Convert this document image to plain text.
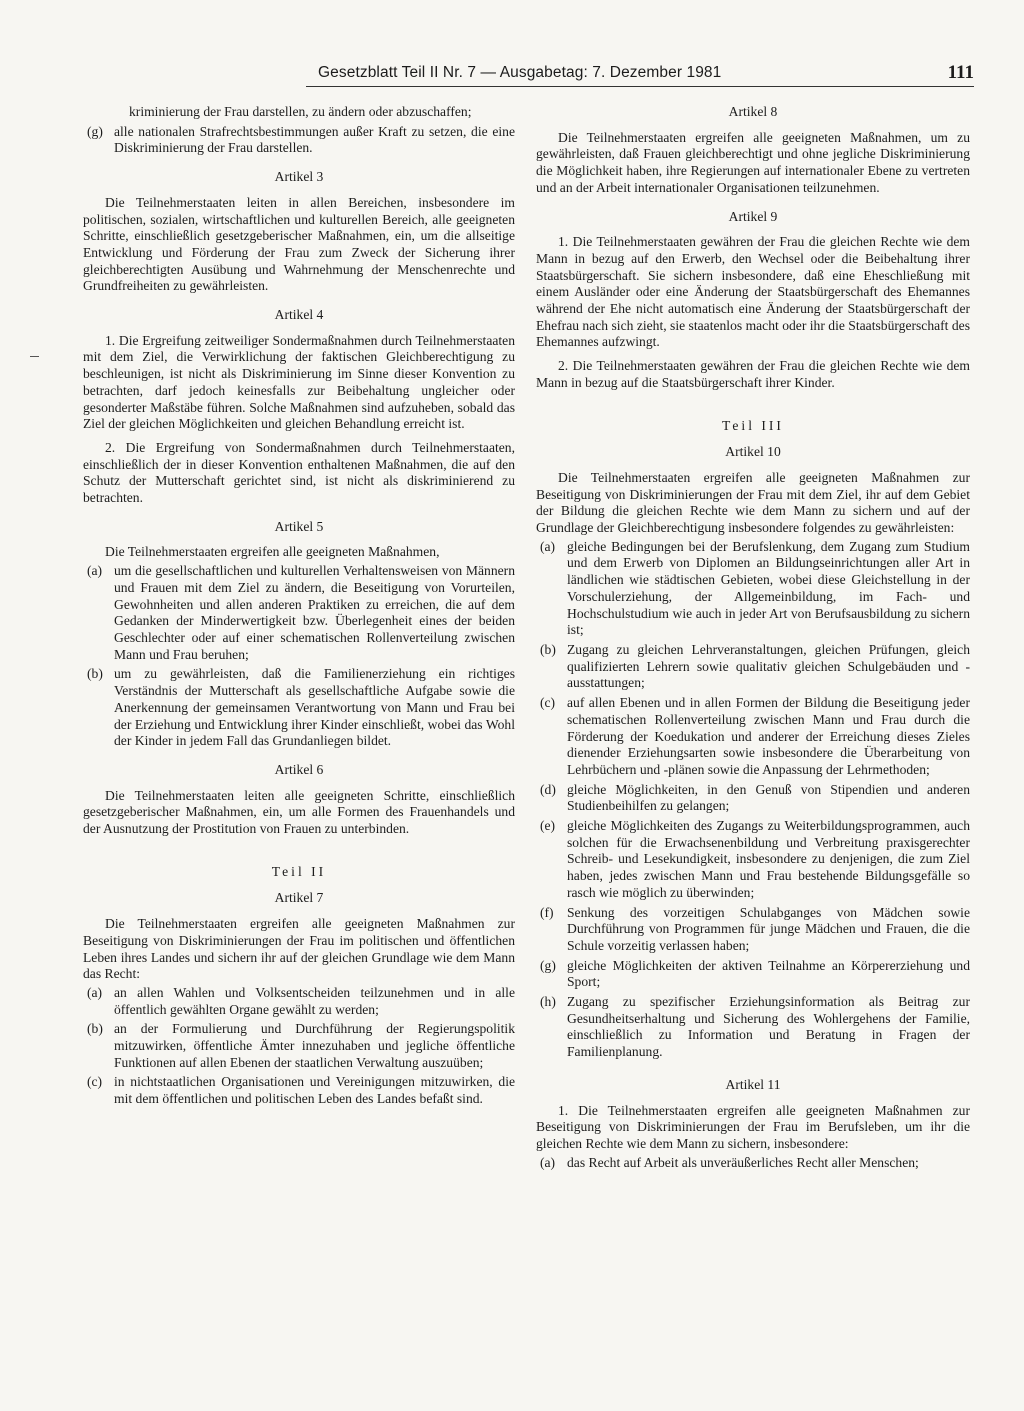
Gesetzblatt Teil II Nr. 7 — Ausgabetag: 7. Dezember 1981	111

kriminierung der Frau darstellen, zu ändern oder abzuschaffen;

(g) alle nationalen Strafrechtsbestimmungen außer Kraft zu setzen, die eine Diskriminierung der Frau darstellen.

Artikel 3

Die Teilnehmerstaaten leiten in allen Bereichen, insbesondere im politischen, sozialen, wirtschaftlichen und kulturellen Bereich, alle geeigneten Schritte, einschließlich gesetzgeberischer Maßnahmen, ein, um die allseitige Entwicklung und Förderung der Frau zum Zweck der Sicherung ihrer gleichberechtigten Ausübung und Wahrnehmung der Menschenrechte und Grundfreiheiten zu gewährleisten.

Artikel 4

1. Die Ergreifung zeitweiliger Sondermaßnahmen durch Teilnehmerstaaten mit dem Ziel, die Verwirklichung der faktischen Gleichberechtigung zu beschleunigen, ist nicht als Diskriminierung im Sinne dieser Konvention zu betrachten, darf jedoch keinesfalls zur Beibehaltung ungleicher oder gesonderter Maßstäbe führen. Solche Maßnahmen sind aufzuheben, sobald das Ziel der gleichen Möglichkeiten und gleichen Behandlung erreicht ist.

2. Die Ergreifung von Sondermaßnahmen durch Teilnehmerstaaten, einschließlich der in dieser Konvention enthaltenen Maßnahmen, die auf den Schutz der Mutterschaft gerichtet sind, ist nicht als diskriminierend zu betrachten.

Artikel 5

Die Teilnehmerstaaten ergreifen alle geeigneten Maßnahmen,

(a) um die gesellschaftlichen und kulturellen Verhaltensweisen von Männern und Frauen mit dem Ziel zu ändern, die Beseitigung von Vorurteilen, Gewohnheiten und allen anderen Praktiken zu erreichen, die auf dem Gedanken der Minderwertigkeit bzw. Überlegenheit eines der beiden Geschlechter oder auf einer schematischen Rollenverteilung zwischen Mann und Frau beruhen;
(b) um zu gewährleisten, daß die Familienerziehung ein richtiges Verständnis der Mutterschaft als gesellschaftliche Aufgabe sowie die Anerkennung der gemeinsamen Verantwortung von Mann und Frau bei der Erziehung und Entwicklung ihrer Kinder einschließt, wobei das Wohl der Kinder in jedem Fall das Grundanliegen bildet.

Artikel 6

Die Teilnehmerstaaten leiten alle geeigneten Schritte, einschließlich gesetzgeberischer Maßnahmen, ein, um alle Formen des Frauenhandels und der Ausnutzung der Prostitution von Frauen zu unterbinden.

Teil II

Artikel 7

Die Teilnehmerstaaten ergreifen alle geeigneten Maßnahmen zur Beseitigung von Diskriminierungen der Frau im politischen und öffentlichen Leben ihres Landes und sichern ihr auf der gleichen Grundlage wie dem Mann das Recht:

(a) an allen Wahlen und Volksentscheiden teilzunehmen und in alle öffentlich gewählten Organe gewählt zu werden;
(b) an der Formulierung und Durchführung der Regierungspolitik mitzuwirken, öffentliche Ämter innezuhaben und jegliche öffentliche Funktionen auf allen Ebenen der staatlichen Verwaltung auszuüben;
(c) in nichtstaatlichen Organisationen und Vereinigungen mitzuwirken, die mit dem öffentlichen und politischen Leben des Landes befaßt sind.

Artikel 8

Die Teilnehmerstaaten ergreifen alle geeigneten Maßnahmen, um zu gewährleisten, daß Frauen gleichberechtigt und ohne jegliche Diskriminierung die Möglichkeit haben, ihre Regierungen auf internationaler Ebene zu vertreten und an der Arbeit internationaler Organisationen teilzunehmen.

Artikel 9

1. Die Teilnehmerstaaten gewähren der Frau die gleichen Rechte wie dem Mann in bezug auf den Erwerb, den Wechsel oder die Beibehaltung ihrer Staatsbürgerschaft. Sie sichern insbesondere, daß eine Eheschließung mit einem Ausländer oder eine Änderung der Staatsbürgerschaft des Ehemannes während der Ehe nicht automatisch eine Änderung der Staatsbürgerschaft der Ehefrau nach sich zieht, sie staatenlos macht oder ihr die Staatsbürgerschaft des Ehemannes aufzwingt.

2. Die Teilnehmerstaaten gewähren der Frau die gleichen Rechte wie dem Mann in bezug auf die Staatsbürgerschaft ihrer Kinder.

Teil III

Artikel 10

Die Teilnehmerstaaten ergreifen alle geeigneten Maßnahmen zur Beseitigung von Diskriminierungen der Frau mit dem Ziel, ihr auf dem Gebiet der Bildung die gleichen Rechte wie dem Mann zu sichern und auf der Grundlage der Gleichberechtigung insbesondere folgendes zu gewährleisten:

(a) gleiche Bedingungen bei der Berufslenkung, dem Zugang zum Studium und dem Erwerb von Diplomen an Bildungseinrichtungen aller Art in ländlichen wie städtischen Gebieten, wobei diese Gleichstellung in der Vorschulerziehung, der Allgemeinbildung, im Fach- und Hochschulstudium wie auch in jeder Art von Berufsausbildung zu sichern ist;
(b) Zugang zu gleichen Lehrveranstaltungen, gleichen Prüfungen, gleich qualifizierten Lehrern sowie qualitativ gleichen Schulgebäuden und -ausstattungen;
(c) auf allen Ebenen und in allen Formen der Bildung die Beseitigung jeder schematischen Rollenverteilung zwischen Mann und Frau durch die Förderung der Koedukation und anderer der Erreichung dieses Zieles dienender Erziehungsarten sowie insbesondere die Überarbeitung von Lehrbüchern und -plänen sowie die Anpassung der Lehrmethoden;
(d) gleiche Möglichkeiten, in den Genuß von Stipendien und anderen Studienbeihilfen zu gelangen;
(e) gleiche Möglichkeiten des Zugangs zu Weiterbildungsprogrammen, auch solchen für die Erwachsenenbildung und Verbreitung praxisgerechter Schreib- und Lesekundigkeit, insbesondere zu denjenigen, die zum Ziel haben, jedes zwischen Mann und Frau bestehende Bildungsgefälle so rasch wie möglich zu überwinden;
(f) Senkung des vorzeitigen Schulabganges von Mädchen sowie Durchführung von Programmen für junge Mädchen und Frauen, die die Schule vorzeitig verlassen haben;
(g) gleiche Möglichkeiten der aktiven Teilnahme an Körpererziehung und Sport;
(h) Zugang zu spezifischer Erziehungsinformation als Beitrag zur Gesundheitserhaltung und Sicherung des Wohlergehens der Familie, einschließlich zu Information und Beratung in Fragen der Familienplanung.

Artikel 11

1. Die Teilnehmerstaaten ergreifen alle geeigneten Maßnahmen zur Beseitigung von Diskriminierungen der Frau im Berufsleben, um ihr die gleichen Rechte wie dem Mann zu sichern, insbesondere:

(a) das Recht auf Arbeit als unveräußerliches Recht aller Menschen;
